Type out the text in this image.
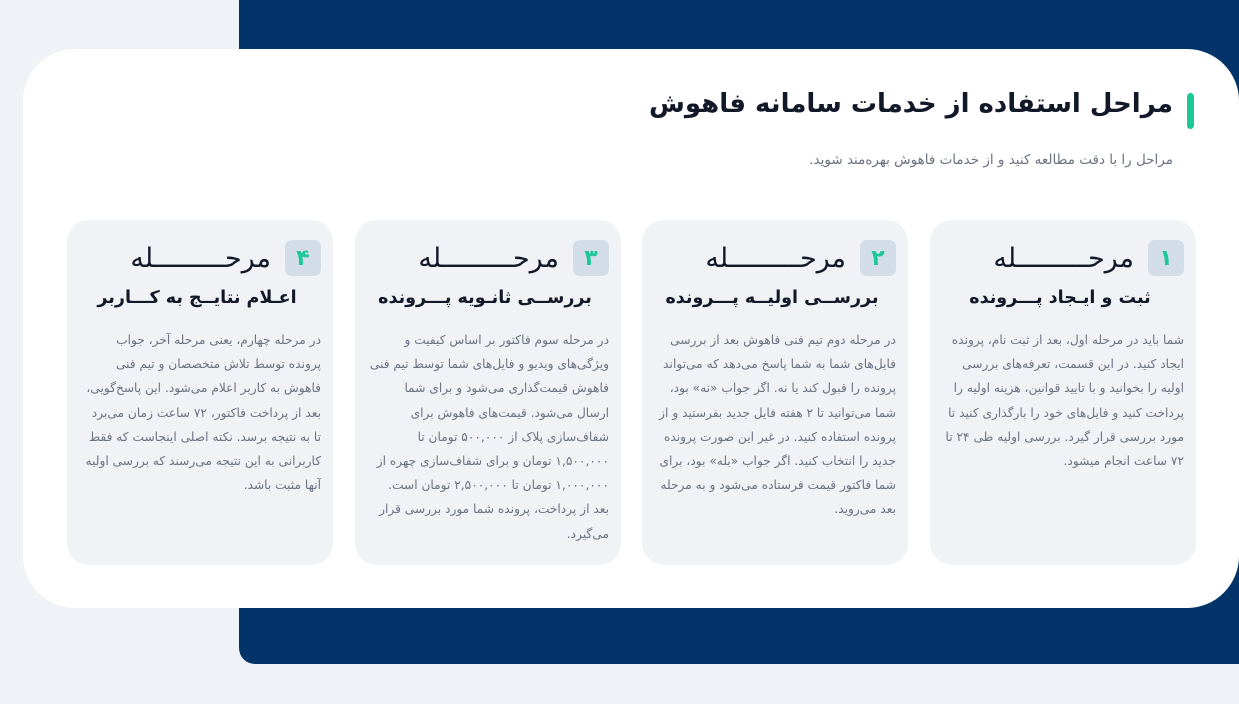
مراحل استفاده از خدمات سامانه فاهوش

مراحل را با دقت مطالعه کنید و از خدمات فاهوش بهره‌مند شوید.

۱
مرحـــــــــله
ثبت و ایـجاد پـــرونده
شما باید در مرحله اول، بعد از ثبت نام، پرونده ایجاد کنید. در این قسمت، تعرفه‌های بررسی اولیه را بخوانید و با تایید قوانین، هزینه اولیه را پرداخت کنید و فایل‌های خود را بارگذاری کنید تا مورد بررسی قرار گیرد. بررسی اولیه طی ۲۴ تا ۷۲ ساعت انجام میشود.
۲
مرحـــــــــله
بررســی اولیــه پـــرونده
در مرحله دوم تیم فنی فاهوش بعد از بررسی فایل‌های شما به شما پاسخ می‌دهد که می‌تواند پرونده را قبول کند یا نه. اگر جواب «نه» بود، شما می‌توانید تا ۲ هفته فایل جدید بفرستید و از پرونده استفاده کنید. در غیر این صورت پرونده جدید را انتخاب کنید. اگر جواب «بله» بود، برای شما فاکتور قیمت فرستاده می‌شود و به مرحله بعد می‌روید.
۳
مرحـــــــــله
بررســی ثانـویه پـــرونده
در مرحله سوم فاکتور بر اساس کیفیت و ویژگی‌های ویدیو و فایل‌های شما توسط تیم فنی فاهوش قیمت‌گذاری می‌شود و برای شما ارسال می‌شود. قیمت‌های فاهوش برای شفاف‌سازی پلاک از ۵۰۰,۰۰۰ تومان تا ۱,۵۰۰,۰۰۰ تومان و برای شفاف‌سازی چهره از ۱,۰۰۰,۰۰۰ تومان تا ۲,۵۰۰,۰۰۰ تومان است. بعد از پرداخت، پرونده شما مورد بررسی قرار می‌گیرد.
۴
مرحـــــــــله
اعـلام نتایــج به کـــاربر
در مرحله چهارم، یعنی مرحله آخر، جواب پرونده توسط تلاش متخصصان و تیم فنی فاهوش به کاربر اعلام می‌شود. این پاسخ‌گویی، بعد از پرداخت فاکتور، ۷۲ ساعت زمان می‌برد تا به نتیجه برسد. نکته اصلی اینجاست که فقط کاربرانی به این نتیجه می‌رسند که بررسی اولیه آنها مثبت باشد.
